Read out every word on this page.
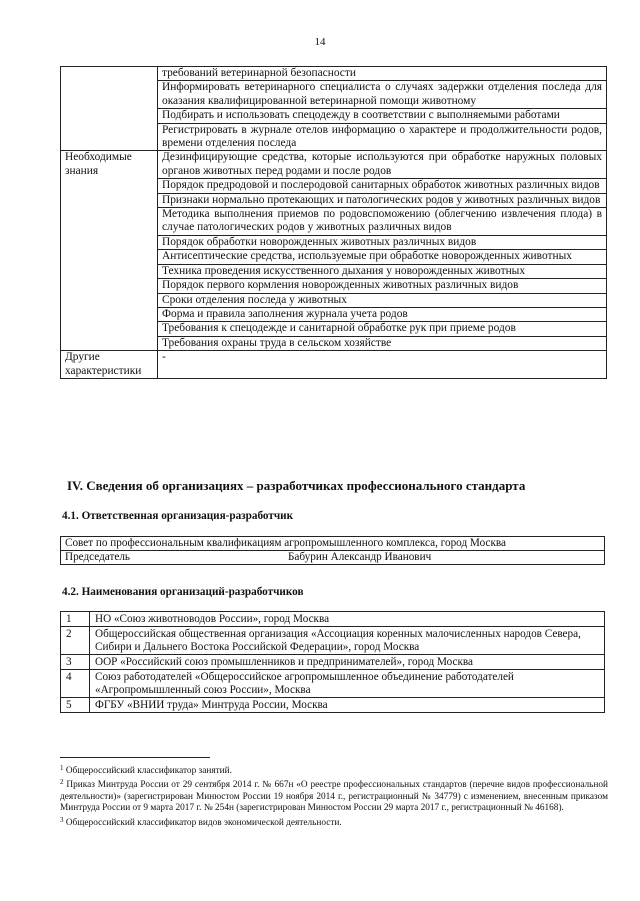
14
	требований ветеринарной безопасности
	Информировать ветеринарного специалиста о случаях задержки отделения последа для оказания квалифицированной ветеринарной помощи животному
	Подбирать и использовать спецодежду в соответствии с выполняемыми работами
	Регистрировать в журнале отелов информацию о характере и продолжительности родов, времени отделения последа
Необходимые знания	Дезинфицирующие средства, которые используются при обработке наружных половых органов животных перед родами и после родов
	Порядок предродовой и послеродовой санитарных обработок животных различных видов
	Признаки нормально протекающих и патологических родов у животных различных видов
	Методика выполнения приемов по родовспоможению (облегчению извлечения плода) в случае патологических родов у животных различных видов
	Порядок обработки новорожденных животных различных видов
	Антисептические средства, используемые при обработке новорожденных животных
	Техника проведения искусственного дыхания у новорожденных животных
	Порядок первого кормления новорожденных животных различных видов
	Сроки отделения последа у животных
	Форма и правила заполнения журнала учета родов
	Требования к спецодежде и санитарной обработке рук при приеме родов
	Требования охраны труда в сельском хозяйстве
Другие характеристики	-
IV. Сведения об организациях – разработчиках профессионального стандарта
4.1. Ответственная организация-разработчик
Совет по профессиональным квалификациям агропромышленного комплекса, город Москва
Председатель	Бабурин Александр Иванович
4.2. Наименования организаций-разработчиков
1	НО «Союз животноводов России», город Москва
2	Общероссийская общественная организация «Ассоциация коренных малочисленных народов Севера, Сибири и Дальнего Востока Российской Федерации», город Москва
3	ООР «Российский союз промышленников и предпринимателей», город Москва
4	Союз работодателей «Общероссийское агропромышленное объединение работодателей «Агропромышленный союз России», Москва
5	ФГБУ «ВНИИ труда» Минтруда России, Москва

$^1$ Общероссийский классификатор занятий.

$^2$ Приказ Минтруда России от 29 сентября 2014 г. № 667н «О реестре профессиональных стандартов (перечне видов профессиональной деятельности)» (зарегистрирован Минюстом России 19 ноября 2014 г., регистрационный № 34779) с изменением, внесенным приказом Минтруда России от 9 марта 2017 г. № 254н (зарегистрирован Минюстом России 29 марта 2017 г., регистрационный № 46168).

$^3$ Общероссийский классификатор видов экономической деятельности.
